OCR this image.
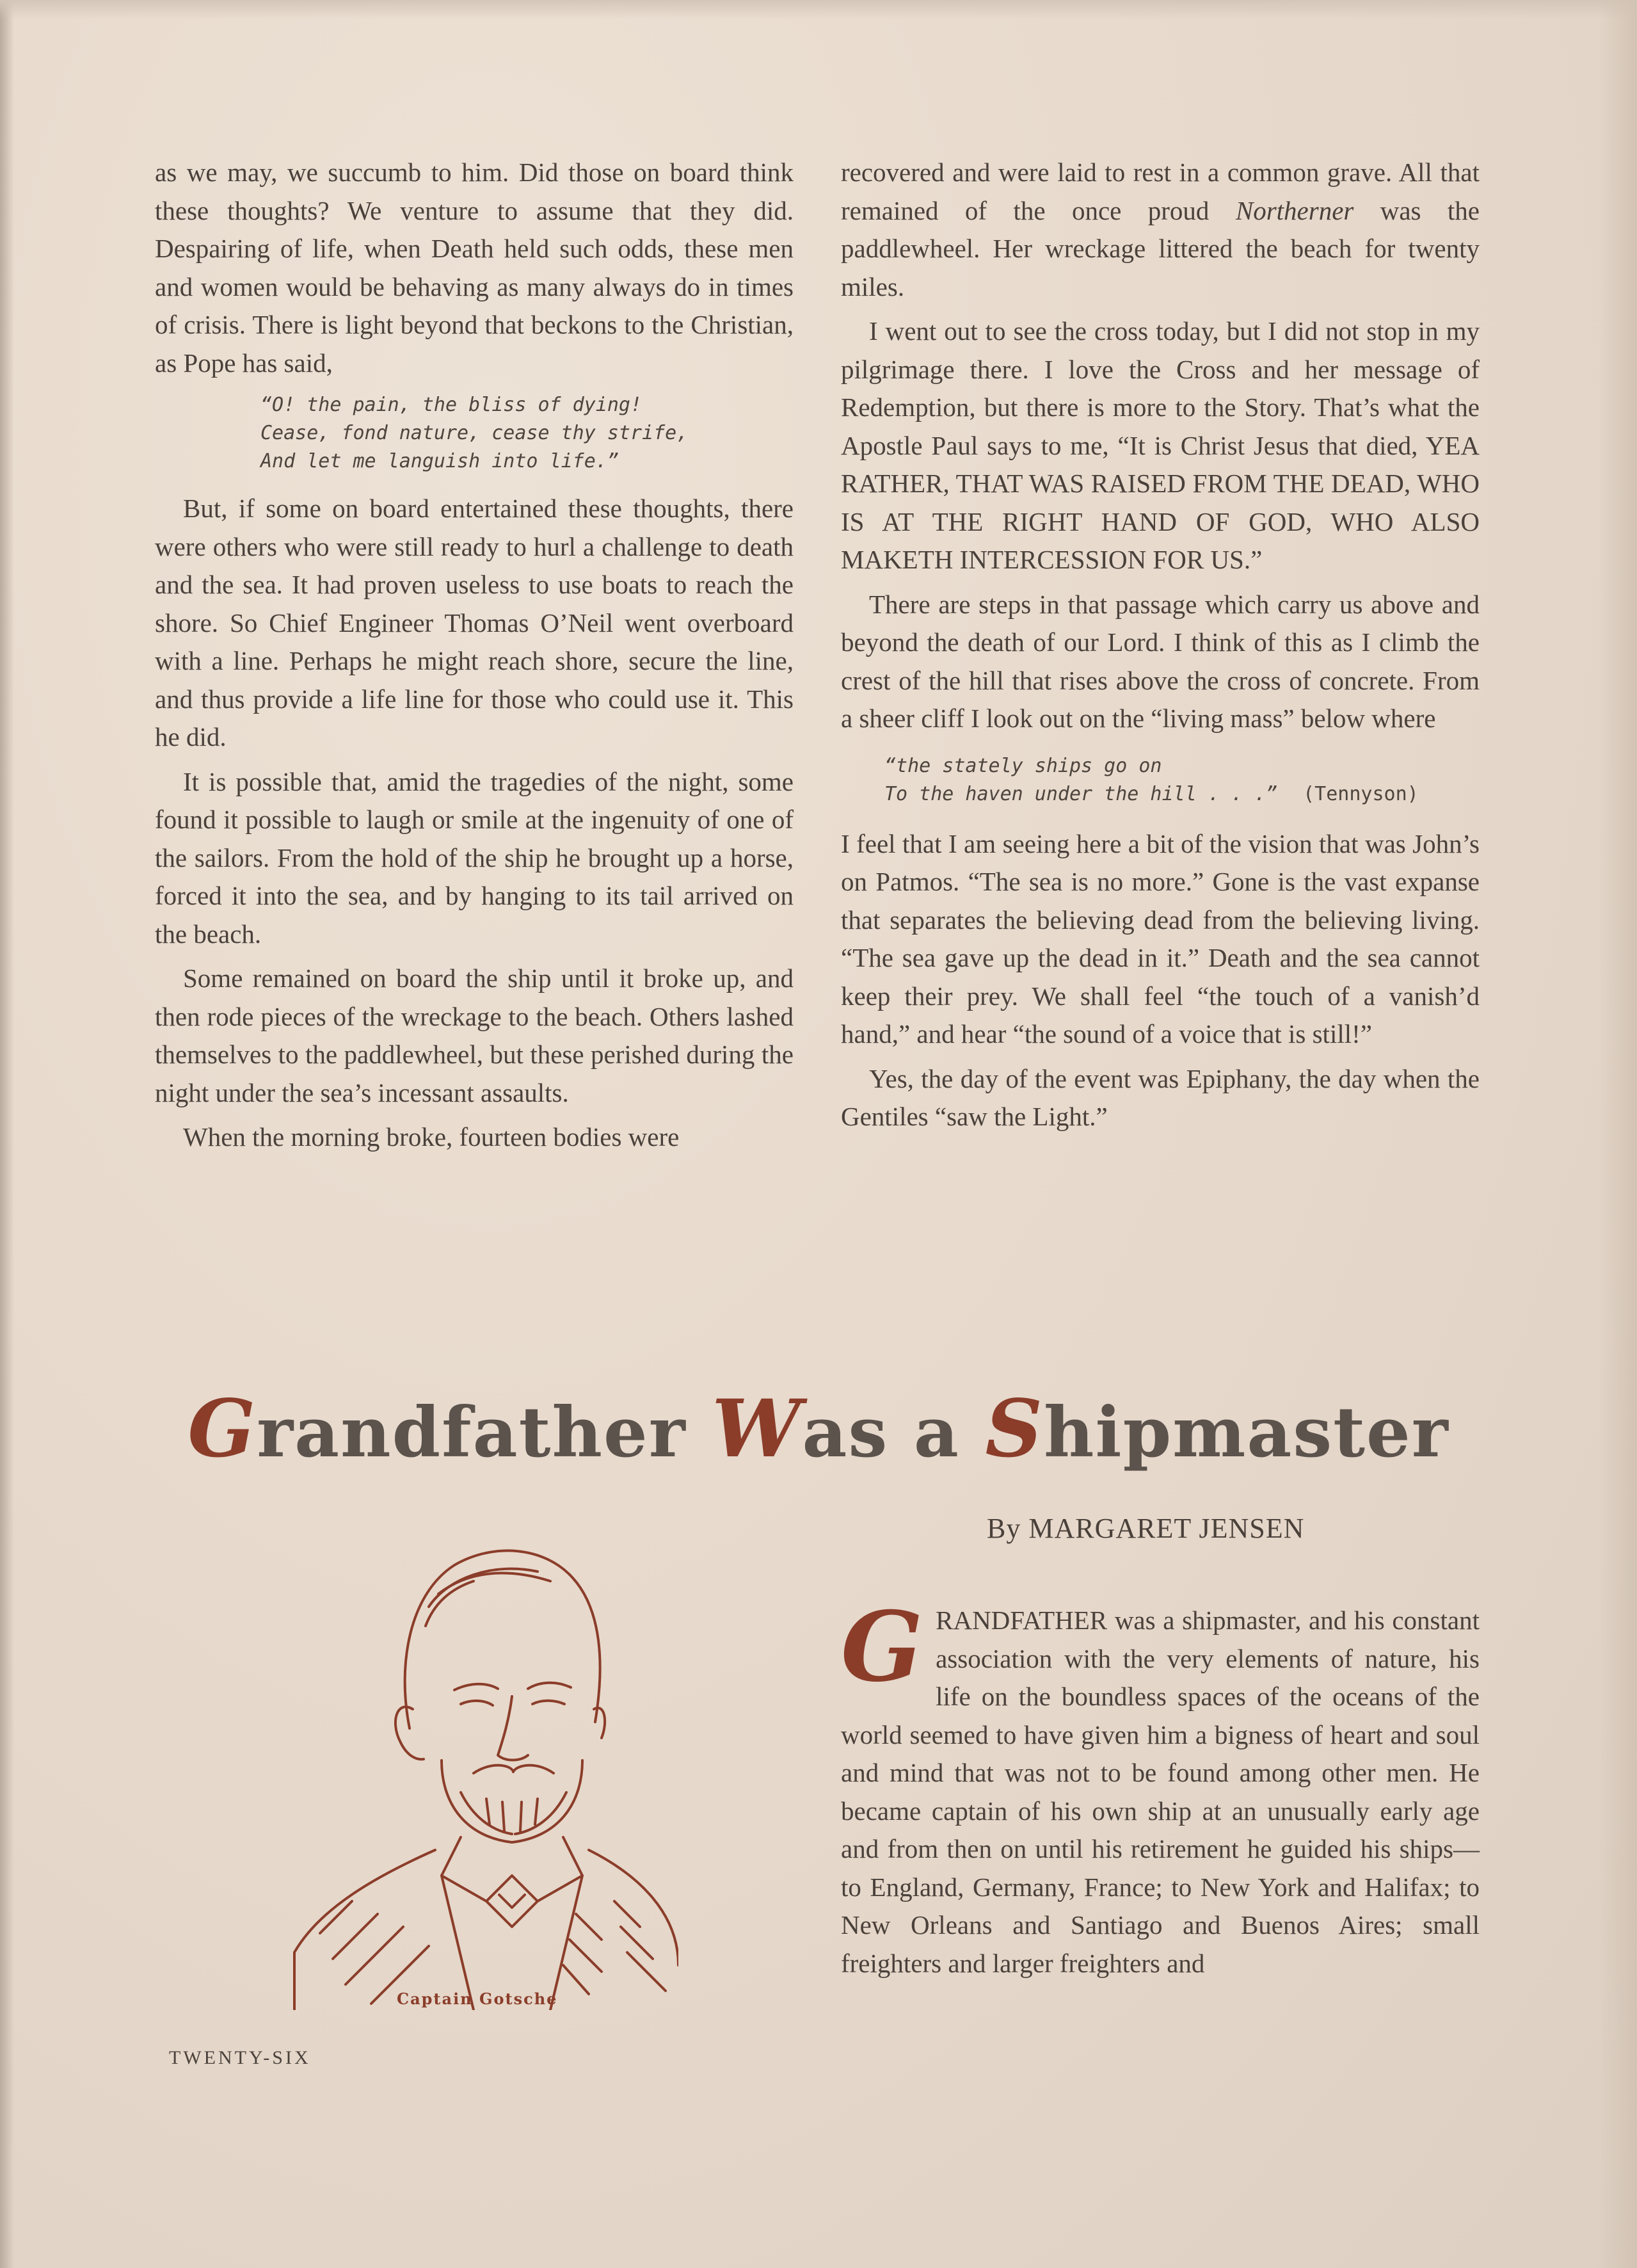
as we may, we succumb to him. Did those on board think these thoughts? We venture to assume that they did. Despairing of life, when Death held such odds, these men and women would be behaving as many always do in times of crisis. There is light beyond that beckons to the Christian, as Pope has said,

“O! the pain, the bliss of dying!
Cease, fond nature, cease thy strife,
And let me languish into life.”

But, if some on board entertained these thoughts, there were others who were still ready to hurl a challenge to death and the sea. It had proven useless to use boats to reach the shore. So Chief Engineer Thomas O’Neil went overboard with a line. Perhaps he might reach shore, secure the line, and thus provide a life line for those who could use it. This he did.

It is possible that, amid the tragedies of the night, some found it possible to laugh or smile at the ingenuity of one of the sailors. From the hold of the ship he brought up a horse, forced it into the sea, and by hanging to its tail arrived on the beach.

Some remained on board the ship until it broke up, and then rode pieces of the wreckage to the beach. Others lashed themselves to the paddlewheel, but these perished during the night under the sea’s incessant assaults.

When the morning broke, fourteen bodies were

recovered and were laid to rest in a common grave. All that remained of the once proud Northerner was the paddlewheel. Her wreckage littered the beach for twenty miles.

I went out to see the cross today, but I did not stop in my pilgrimage there. I love the Cross and her message of Redemption, but there is more to the Story. That’s what the Apostle Paul says to me, “It is Christ Jesus that died, YEA RATHER, THAT WAS RAISED FROM THE DEAD, WHO IS AT THE RIGHT HAND OF GOD, WHO ALSO MAKETH INTERCESSION FOR US.”

There are steps in that passage which carry us above and beyond the death of our Lord. I think of this as I climb the crest of the hill that rises above the cross of concrete. From a sheer cliff I look out on the “living mass” below where

“the stately ships go on
To the haven under the hill . . .” (Tennyson)

I feel that I am seeing here a bit of the vision that was John’s on Patmos. “The sea is no more.” Gone is the vast expanse that separates the believing dead from the believing living. “The sea gave up the dead in it.” Death and the sea cannot keep their prey. We shall feel “the touch of a vanish’d hand,” and hear “the sound of a voice that is still!”

Yes, the day of the event was Epiphany, the day when the Gentiles “saw the Light.”

Grandfather Was a Shipmaster
By MARGARET JENSEN
Captain Gotsche

GRANDFATHER was a shipmaster, and his constant association with the very elements of nature, his life on the boundless spaces of the oceans of the world seemed to have given him a bigness of heart and soul and mind that was not to be found among other men. He became captain of his own ship at an unusually early age and from then on until his retirement he guided his ships—to England, Germany, France; to New York and Halifax; to New Orleans and Santiago and Buenos Aires; small freighters and larger freighters and

TWENTY-SIX
